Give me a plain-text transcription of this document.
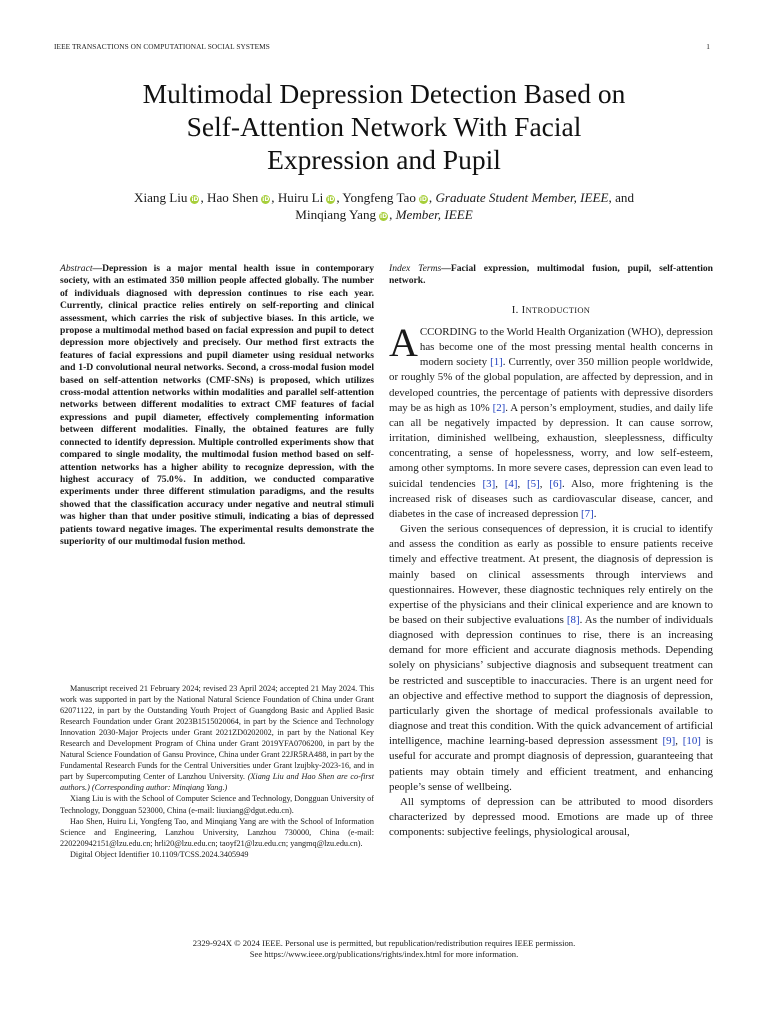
IEEE TRANSACTIONS ON COMPUTATIONAL SOCIAL SYSTEMS	1
Multimodal Depression Detection Based on
Self-Attention Network With Facial
Expression and Pupil
Xiang Liu iD , Hao Shen iD , Huiru Li iD , Yongfeng Tao iD , Graduate Student Member, IEEE, and
Minqiang Yang iD , Member, IEEE
Abstract—Depression is a major mental health issue in contemporary society, with an estimated 350 million people affected globally. The number of individuals diagnosed with depression continues to rise each year. Currently, clinical practice relies entirely on self-reporting and clinical assessment, which carries the risk of subjective biases. In this article, we propose a multimodal method based on facial expression and pupil to detect depression more objectively and precisely. Our method first extracts the features of facial expressions and pupil diameter using residual networks and 1-D convolutional neural networks. Second, a cross-modal fusion model based on self-attention networks (CMF-SNs) is proposed, which utilizes cross-modal attention networks within modalities and parallel self-attention networks between different modalities to extract CMF features of facial expressions and pupil diameter, effectively complementing information between different modalities. Finally, the obtained features are fully connected to identify depression. Multiple controlled experiments show that compared to single modality, the multimodal fusion method based on self-attention networks has a higher ability to recognize depression, with the highest accuracy of 75.0%. In addition, we conducted comparative experiments under three different stimulation paradigms, and the results showed that the classification accuracy under negative and neutral stimuli was higher than that under positive stimuli, indicating a bias of depressed patients toward negative images. The experimental results demonstrate the superiority of our multimodal fusion method.

Manuscript received 21 February 2024; revised 23 April 2024; accepted 21 May 2024. This work was supported in part by the National Natural Science Foundation of China under Grant 62071122, in part by the Outstanding Youth Project of Guangdong Basic and Applied Basic Research Foundation under Grant 2023B1515020064, in part by the Science and Technology Innovation 2030-Major Projects under Grant 2021ZD0202002, in part by the National Key Research and Development Program of China under Grant 2019YFA0706200, in part by the Natural Science Foundation of Gansu Province, China under Grant 22JR5RA488, in part by the Fundamental Research Funds for the Central Universities under Grant lzujbky-2023-16, and in part by Supercomputing Center of Lanzhou University. (Xiang Liu and Hao Shen are co-first authors.) (Corresponding author: Minqiang Yang.)

Xiang Liu is with the School of Computer Science and Technology, Dongguan University of Technology, Dongguan 523000, China (e-mail: liuxiang@dgut.edu.cn).

Hao Shen, Huiru Li, Yongfeng Tao, and Minqiang Yang are with the School of Information Science and Engineering, Lanzhou University, Lanzhou 730000, China (e-mail: 220220942151@lzu.edu.cn; hrli20@lzu.edu.cn; taoyf21@lzu.edu.cn; yangmq@lzu.edu.cn).

Digital Object Identifier 10.1109/TCSS.2024.3405949

Index Terms—Facial expression, multimodal fusion, pupil, self-attention network.
I. INTRODUCTION

ACCORDING to the World Health Organization (WHO), depression has become one of the most pressing mental health concerns in modern society [1]. Currently, over 350 million people worldwide, or roughly 5% of the global population, are affected by depression, and in developed countries, the percentage of patients with depressive disorders may be as high as 10% [2]. A person’s employment, studies, and daily life can all be negatively impacted by depression. It can cause sorrow, irritation, diminished wellbeing, exhaustion, sleeplessness, difficulty concentrating, a sense of hopelessness, worry, and low self-esteem, among other symptoms. In more severe cases, depression can even lead to suicidal tendencies [3], [4], [5], [6]. Also, more frightening is the increased risk of diseases such as cardiovascular disease, cancer, and diabetes in the case of increased depression [7].

Given the serious consequences of depression, it is crucial to identify and assess the condition as early as possible to ensure patients receive timely and effective treatment. At present, the diagnosis of depression is mainly based on clinical assessments through interviews and questionnaires. However, these diagnostic techniques rely entirely on the expertise of the physicians and their clinical experience and are known to be based on their subjective evaluations [8]. As the number of individuals diagnosed with depression continues to rise, there is an increasing demand for more efficient and accurate diagnosis methods. Depending solely on physicians’ subjective diagnosis and subsequent treatment can be restricted and susceptible to inaccuracies. There is an urgent need for an objective and effective method to support the diagnosis of depression, particularly given the shortage of medical professionals available to diagnose and treat this condition. With the quick advancement of artificial intelligence, machine learning-based depression assessment [9], [10] is useful for accurate and prompt diagnosis of depression, guaranteeing that patients may obtain timely and efficient treatment, and enhancing people’s sense of wellbeing.

All symptoms of depression can be attributed to mood disorders characterized by depressed mood. Emotions are made up of three components: subjective feelings, physiological arousal,

2329-924X © 2024 IEEE. Personal use is permitted, but republication/redistribution requires IEEE permission.
See https://www.ieee.org/publications/rights/index.html for more information.
